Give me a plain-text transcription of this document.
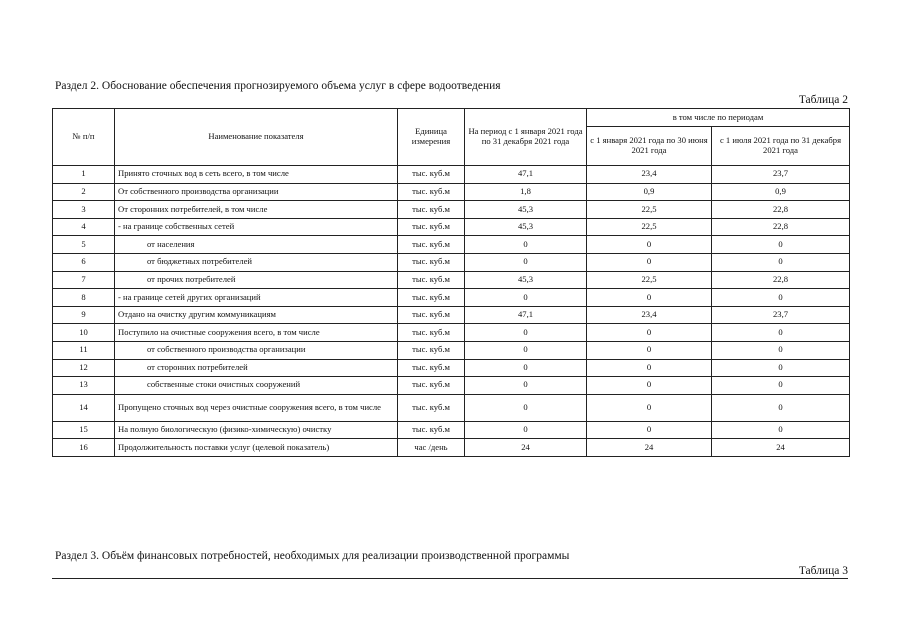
Раздел 2. Обоснование обеспечения прогнозируемого объема услуг в сфере водоотведения
Таблица 2
№ п/п	Наименование показателя	Единица измерения	На период с 1 января 2021 года по 31 декабря 2021 года	в том числе по периодам	
				с 1 января 2021 года по 30 июня 2021 года	с 1 июля 2021 года по 31 декабря 2021 года
1	Принято сточных вод в сеть всего, в том числе	тыс. куб.м	47,1	23,4	23,7
2	От собственного производства организации	тыс. куб.м	1,8	0,9	0,9
3	От сторонних потребителей, в том числе	тыс. куб.м	45,3	22,5	22,8
4	- на границе собственных сетей	тыс. куб.м	45,3	22,5	22,8
5	от населения	тыс. куб.м	0	0	0
6	от бюджетных потребителей	тыс. куб.м	0	0	0
7	от прочих потребителей	тыс. куб.м	45,3	22,5	22,8
8	- на границе сетей других организаций	тыс. куб.м	0	0	0
9	Отдано на очистку другим коммуникациям	тыс. куб.м	47,1	23,4	23,7
10	Поступило на очистные сооружения всего, в том числе	тыс. куб.м	0	0	0
11	от собственного производства организации	тыс. куб.м	0	0	0
12	от сторонних потребителей	тыс. куб.м	0	0	0
13	собственные стоки очистных сооружений	тыс. куб.м	0	0	0
14	Пропущено сточных вод через очистные сооружения всего, в том числе	тыс. куб.м	0	0	0
15	На полную биологическую (физико-химическую) очистку	тыс. куб.м	0	0	0
16	Продолжительность поставки услуг (целевой показатель)	час /день	24	24	24
Раздел 3. Объём финансовых потребностей, необходимых для реализации производственной программы
Таблица 3
